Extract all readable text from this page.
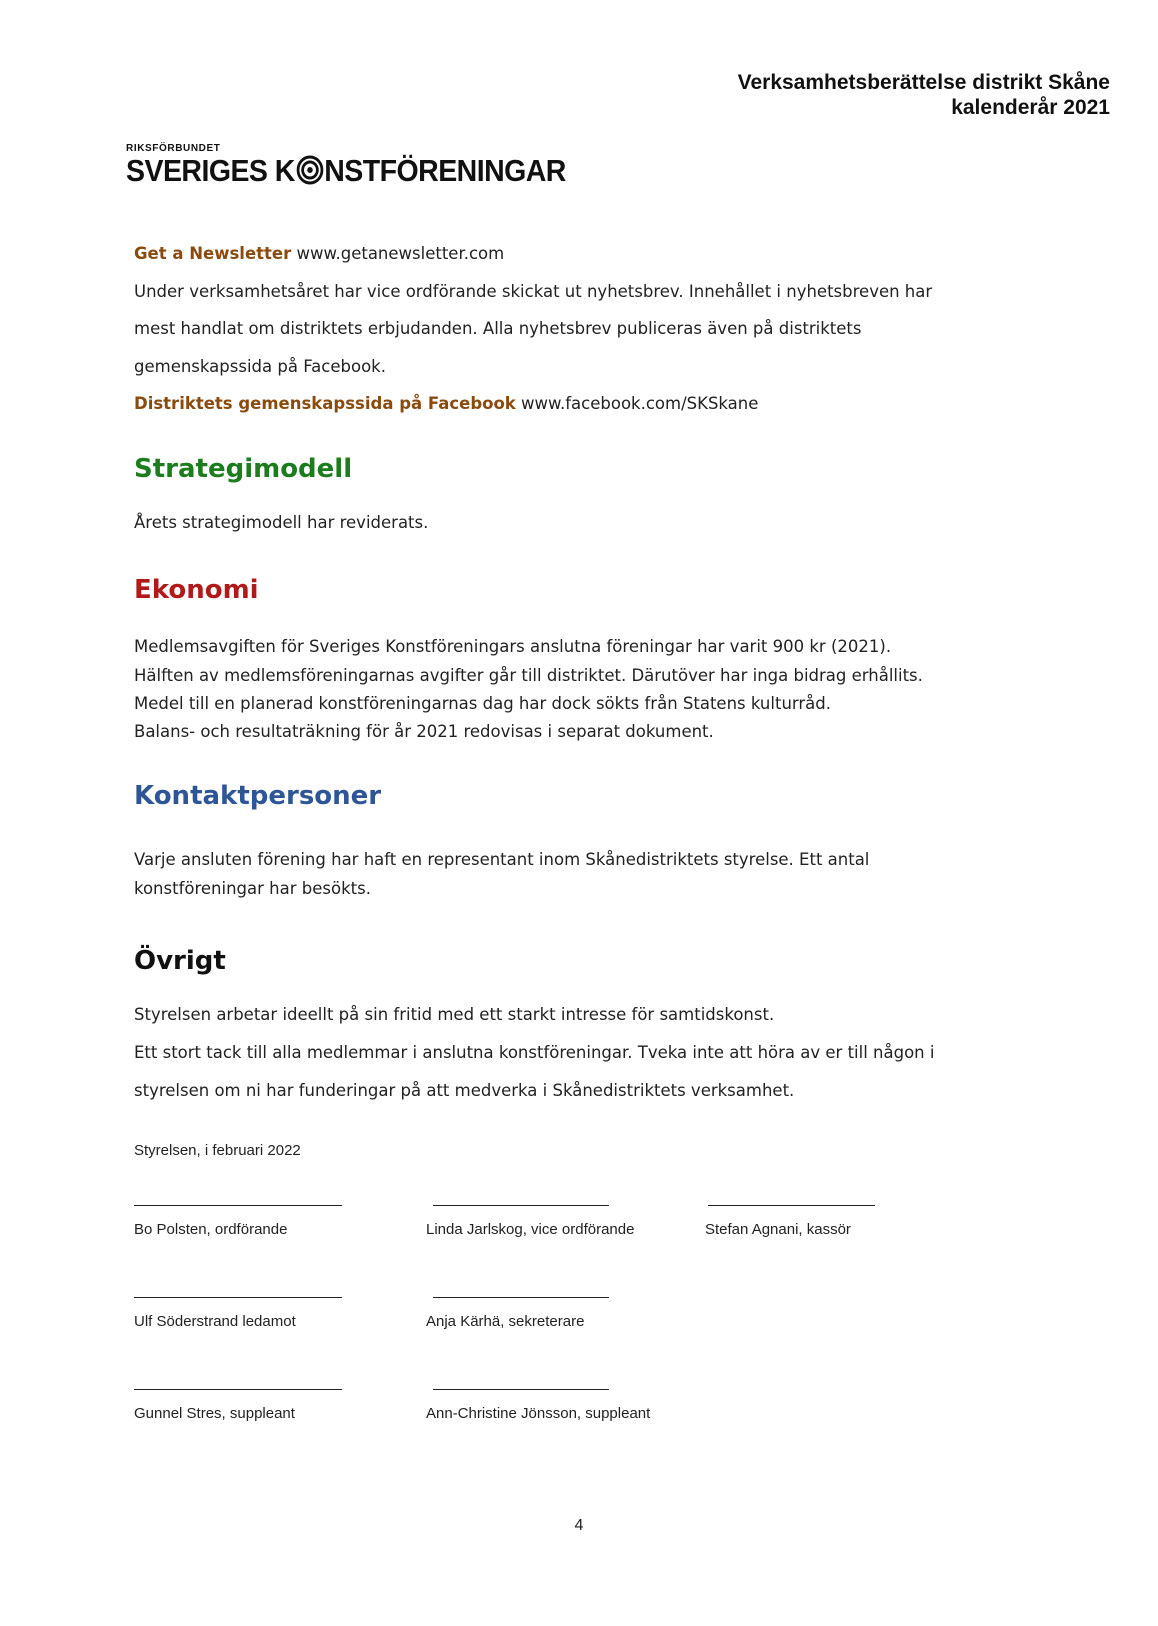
Verksamhetsberättelse distrikt Skåne
kalenderår 2021
RIKSFÖRBUNDET
SVERIGES K NSTFÖRENINGAR
Get a Newsletter www.getanewsletter.com
Under verksamhetsåret har vice ordförande skickat ut nyhetsbrev. Innehållet i nyhetsbreven har
mest handlat om distriktets erbjudanden. Alla nyhetsbrev publiceras även på distriktets
gemenskapssida på Facebook.
Distriktets gemenskapssida på Facebook www.facebook.com/SKSkane
Strategimodell
Årets strategimodell har reviderats.
Ekonomi
Medlemsavgiften för Sveriges Konstföreningars anslutna föreningar har varit 900 kr (2021).
Hälften av medlemsföreningarnas avgifter går till distriktet. Därutöver har inga bidrag erhållits.
Medel till en planerad konstföreningarnas dag har dock sökts från Statens kulturråd.
Balans- och resultaträkning för år 2021 redovisas i separat dokument.
Kontaktpersoner
Varje ansluten förening har haft en representant inom Skånedistriktets styrelse. Ett antal
konstföreningar har besökts.
Övrigt
Styrelsen arbetar ideellt på sin fritid med ett starkt intresse för samtidskonst.
Ett stort tack till alla medlemmar i anslutna konstföreningar. Tveka inte att höra av er till någon i
styrelsen om ni har funderingar på att medverka i Skånedistriktets verksamhet.
Styrelsen, i februari 2022
Bo Polsten, ordförande	Linda Jarlskog, vice ordförande	Stefan Agnani, kassör
Ulf Söderstrand ledamot	Anja Kärhä, sekreterare
Gunnel Stres, suppleant	Ann-Christine Jönsson, suppleant
4
